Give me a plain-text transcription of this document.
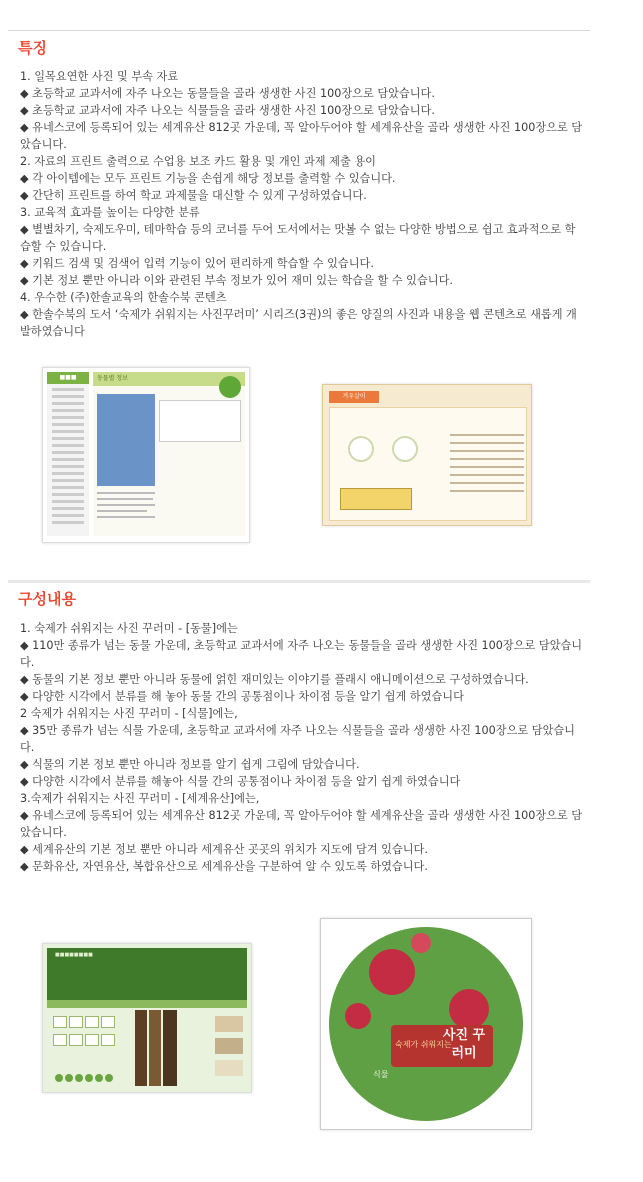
특징
1. 일목요연한 사진 및 부속 자료
◆ 초등학교 교과서에 자주 나오는 동물들을 골라 생생한 사진 100장으로 담았습니다.
◆ 초등학교 교과서에 자주 나오는 식물들을 골라 생생한 사진 100장으로 담았습니다.
◆ 유네스코에 등록되어 있는 세계유산 812곳 가운데, 꼭 알아두어야 할 세계유산을 골라 생생한 사진 100장으로 담았습니다.
2. 자료의 프린트 출력으로 수업용 보조 카드 활용 및 개인 과제 제출 용이
◆ 각 아이템에는 모두 프린트 기능을 손쉽게 해당 정보를 출력할 수 있습니다.
◆ 간단히 프린트를 하여 학교 과제물을 대신할 수 있게 구성하였습니다.
3. 교육적 효과를 높이는 다양한 분류
◆ 별별차기, 숙제도우미, 테마학습 등의 코너를 두어 도서에서는 맛볼 수 없는 다양한 방법으로 쉽고 효과적으로 학습할 수 있습니다.
◆ 키워드 검색 및 검색어 입력 기능이 있어 편리하게 학습할 수 있습니다.
◆ 기본 정보 뿐만 아니라 이와 관련된 부속 정보가 있어 재미 있는 학습을 할 수 있습니다.
4. 우수한 (주)한솔교육의 한솔수북 콘텐츠
◆ 한솔수북의 도서 ‘숙제가 쉬워지는 사진꾸러미’ 시리즈(3권)의 좋은 양질의 사진과 내용을 웹 콘텐츠로 새롭게 개발하였습니다
■■■	동물별 정보
겨우살이
구성내용
1. 숙제가 쉬워지는 사진 꾸러미 - [동물]에는
◆ 110만 종류가 넘는 동물 가운데, 초등학교 교과서에 자주 나오는 동물들을 골라 생생한 사진 100장으로 담았습니다.
◆ 동물의 기본 정보 뿐만 아니라 동물에 얽힌 재미있는 이야기를 플래시 애니메이션으로 구성하였습니다.
◆ 다양한 시각에서 분류를 해 놓아 동물 간의 공통점이나 차이점 등을 알기 쉽게 하였습니다
2 숙제가 쉬워지는 사진 꾸러미 - [식물]에는,
◆ 35만 종류가 넘는 식물 가운데, 초등학교 교과서에 자주 나오는 식물들을 골라 생생한 사진 100장으로 담았습니다.
◆ 식물의 기본 정보 뿐만 아니라 정보를 알기 쉽게 그림에 담았습니다.
◆ 다양한 시각에서 분류를 해놓아 식물 간의 공통점이나 차이점 등을 알기 쉽게 하였습니다
3.숙제가 쉬워지는 사진 꾸러미 - [세계유산]에는,
◆ 유네스코에 등록되어 있는 세계유산 812곳 가운데, 꼭 알아두어야 할 세계유산을 골라 생생한 사진 100장으로 담았습니다.
◆ 세계유산의 기본 정보 뿐만 아니라 세계유산 곳곳의 위치가 지도에 담겨 있습니다.
◆ 문화유산, 자연유산, 복합유산으로 세계유산을 구분하여 알 수 있도록 하였습니다.
■■■■■■■■
숙제가 쉬워지는
사진 꾸러미
식물
